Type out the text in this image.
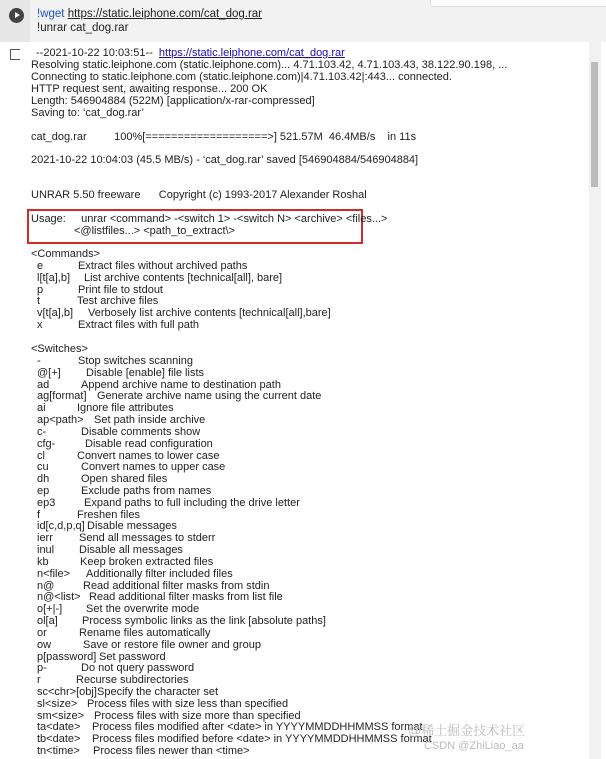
!wget https://static.leiphone.com/cat_dog.rar
!unrar cat_dog.rar
--2021-10-22 10:03:51--  https://static.leiphone.com/cat_dog.rar
Resolving static.leiphone.com (static.leiphone.com)... 4.71.103.42, 4.71.103.43, 38.122.90.198, ...
Connecting to static.leiphone.com (static.leiphone.com)|4.71.103.42|:443... connected.
HTTP request sent, awaiting response... 200 OK
Length: 546904884 (522M) [application/x-rar-compressed]
Saving to: ‘cat_dog.rar’
cat_dog.rar         100%[===================>] 521.57M  46.4MB/s    in 11s
2021-10-22 10:04:03 (45.5 MB/s) - ‘cat_dog.rar’ saved [546904884/546904884]
UNRAR 5.50 freeware      Copyright (c) 1993-2017 Alexander Roshal
Usage:     unrar <command> -<switch 1> -<switch N> <archive> <files...>
<@listfiles...> <path_to_extract\>
<Commands>
<Switches>
e	Extract files without archived paths
l[t[a],b] List archive contents [technical[all], bare]
p	Print file to stdout
t	Test archive files
v[t[a],b] Verbosely list archive contents [technical[all],bare]
x	Extract files with full path
-	Stop switches scanning
@[+] Disable [enable] file lists
ad	Append archive name to destination path
ag[format] Generate archive name using the current date
ai	Ignore file attributes
ap<path> Set path inside archive
c-	Disable comments show
cfg-	Disable read configuration
cl	Convert names to lower case
cu	Convert names to upper case
dh	Open shared files
ep	Exclude paths from names
ep3	Expand paths to full including the drive letter
f	Freshen files
id[c,d,p,q] Disable messages
ierr Send all messages to stderr
inul Disable all messages
kb	Keep broken extracted files
n<file> Additionally filter included files
n@	Read additional filter masks from stdin
n@<list> Read additional filter masks from list file
o[+|-] Set the overwrite mode
ol[a] Process symbolic links as the link [absolute paths]
or	Rename files automatically
ow	Save or restore file owner and group
p[password] Set password
p-	Do not query password
r	Recurse subdirectories
sc<chr>[obj] Specify the character set
sl<size> Process files with size less than specified
sm<size> Process files with size more than specified
ta<date> Process files modified after <date> in YYYYMMDDHHMMSS format
tb<date> Process files modified before <date> in YYYYMMDDHHMMSS format
tn<time> Process files newer than <time>
@稀土掘金技术社区
CSDN @ZhiLiao_aa
